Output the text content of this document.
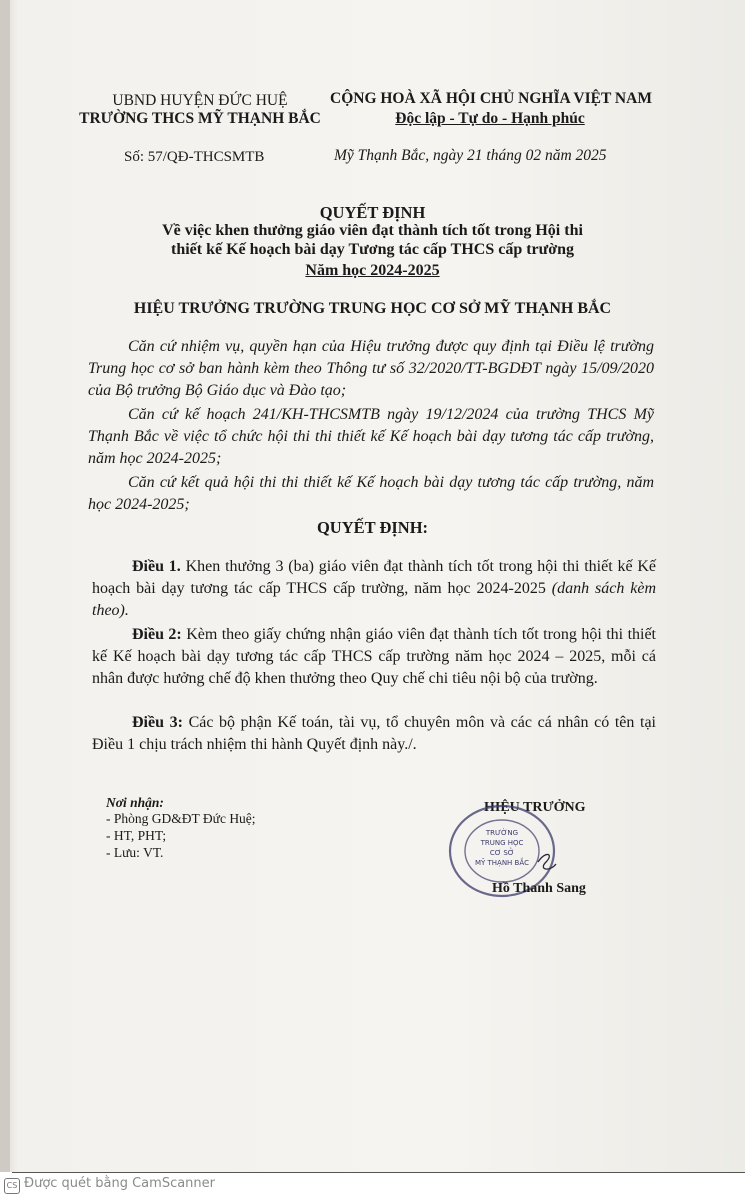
UBND HUYỆN ĐỨC HUỆ
TRƯỜNG THCS MỸ THẠNH BẮC
CỘNG HOÀ XÃ HỘI CHỦ NGHĨA VIỆT NAM
Độc lập - Tự do - Hạnh phúc
Số: 57/QĐ-THCSMTB	Mỹ Thạnh Bắc, ngày 21 tháng 02 năm 2025
QUYẾT ĐỊNH
Về việc khen thưởng giáo viên đạt thành tích tốt trong Hội thi
thiết kế Kế hoạch bài dạy Tương tác cấp THCS cấp trường
Năm học 2024-2025
HIỆU TRƯỞNG TRƯỜNG TRUNG HỌC CƠ SỞ MỸ THẠNH BẮC
Căn cứ nhiệm vụ, quyền hạn của Hiệu trưởng được quy định tại Điều lệ trường Trung học cơ sở ban hành kèm theo Thông tư số 32/2020/TT-BGDĐT ngày 15/09/2020 của Bộ trưởng Bộ Giáo dục và Đào tạo;
Căn cứ kế hoạch 241/KH-THCSMTB ngày 19/12/2024 của trường THCS Mỹ Thạnh Bắc về việc tổ chức hội thi thi thiết kế Kế hoạch bài dạy tương tác cấp trường, năm học 2024-2025;
Căn cứ kết quả hội thi thi thiết kế Kế hoạch bài dạy tương tác cấp trường, năm học 2024-2025;
QUYẾT ĐỊNH:
Điều 1. Khen thưởng 3 (ba) giáo viên đạt thành tích tốt trong hội thi thiết kế Kế hoạch bài dạy tương tác cấp THCS cấp trường, năm học 2024-2025 (danh sách kèm theo).
Điều 2: Kèm theo giấy chứng nhận giáo viên đạt thành tích tốt trong hội thi thiết kế Kế hoạch bài dạy tương tác cấp THCS cấp trường năm học 2024 – 2025, mỗi cá nhân được hưởng chế độ khen thưởng theo Quy chế chi tiêu nội bộ của trường.
Điều 3: Các bộ phận Kế toán, tài vụ, tổ chuyên môn và các cá nhân có tên tại Điều 1 chịu trách nhiệm thi hành Quyết định này./.
Nơi nhận:
- Phòng GD&ĐT Đức Huệ;
- HT, PHT;
- Lưu: VT.
HIỆU TRƯỞNG
TRƯỜNG
TRUNG HỌC
CƠ SỞ
MỸ THẠNH BẮC
Hồ Thanh Sang
CS Được quét bằng CamScanner
